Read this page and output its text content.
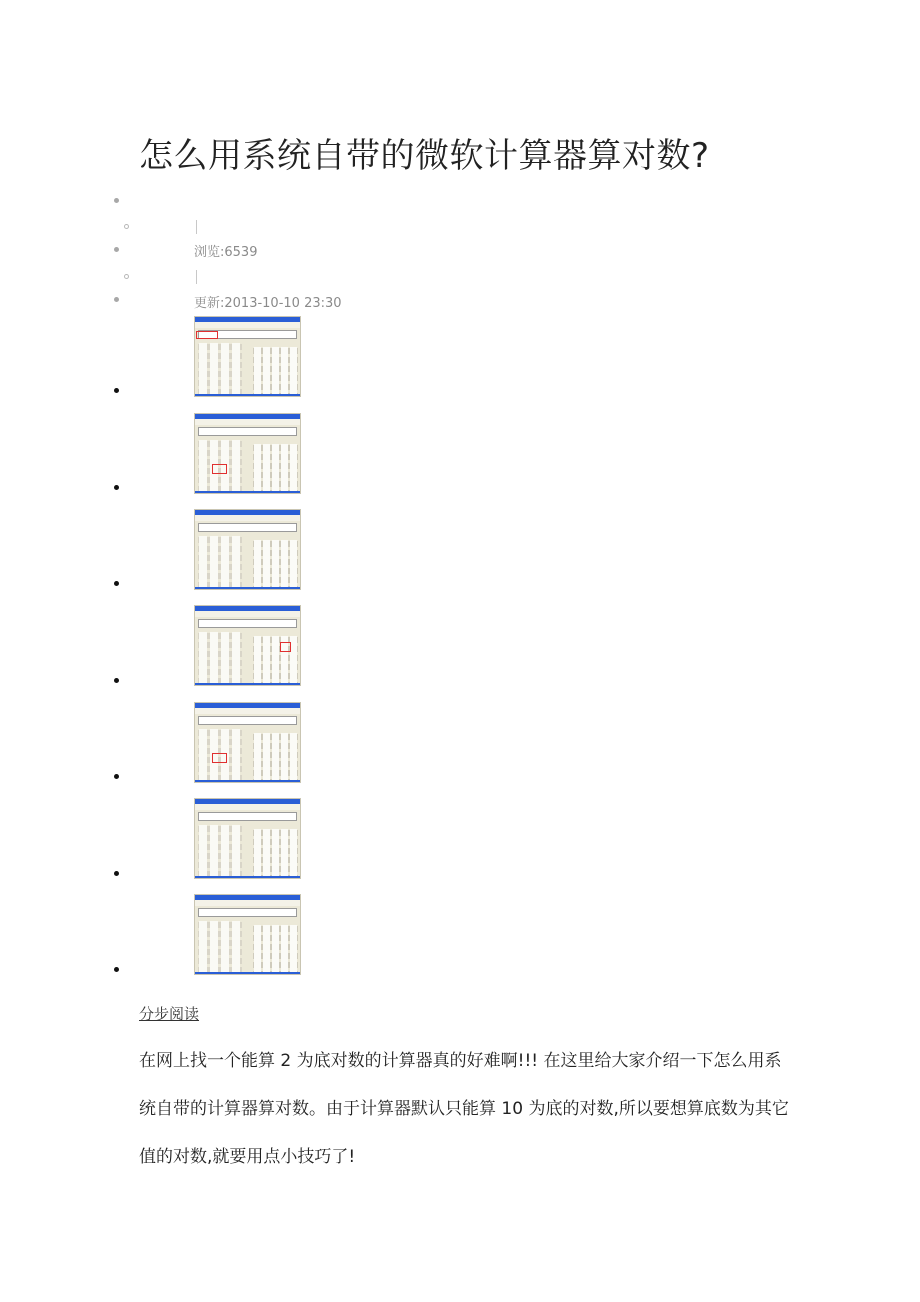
怎么用系统自带的微软计算器算对数?
浏览:6539
更新:2013-10-10 23:30
分步阅读

在网上找一个能算 2 为底对数的计算器真的好难啊!!! 在这里给大家介绍一下怎么用系统自带的计算器算对数。由于计算器默认只能算 10 为底的对数,所以要想算底数为其它值的对数,就要用点小技巧了!
